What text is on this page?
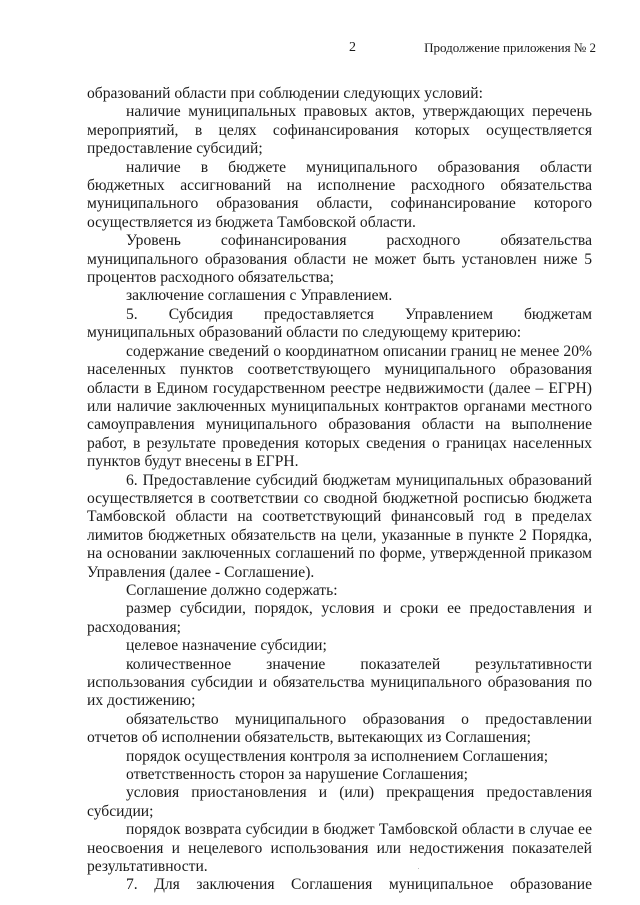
2	Продолжение приложения № 2

образований области при соблюдении следующих условий:

наличие муниципальных правовых актов, утверждающих перечень мероприятий, в целях софинансирования которых осуществляется предоставление субсидий;

наличие в бюджете муниципального образования области бюджетных ассигнований на исполнение расходного обязательства муниципального образования области, софинансирование которого осуществляется из бюджета Тамбовской области.

Уровень софинансирования расходного обязательства муниципального образования области не может быть установлен ниже 5 процентов расходного обязательства;

заключение соглашения с Управлением.

5. Субсидия предоставляется Управлением бюджетам муниципальных образований области по следующему критерию:

содержание сведений о координатном описании границ не менее 20% населенных пунктов соответствующего муниципального образования области в Едином государственном реестре недвижимости (далее – ЕГРН) или наличие заключенных муниципальных контрактов органами местного самоуправления муниципального образования области на выполнение работ, в результате проведения которых сведения о границах населенных пунктов будут внесены в ЕГРН.

6. Предоставление субсидий бюджетам муниципальных образований осуществляется в соответствии со сводной бюджетной росписью бюджета Тамбовской области на соответствующий финансовый год в пределах лимитов бюджетных обязательств на цели, указанные в пункте 2 Порядка, на основании заключенных соглашений по форме, утвержденной приказом Управления (далее - Соглашение).

Соглашение должно содержать:

размер субсидии, порядок, условия и сроки ее предоставления и расходования;

целевое назначение субсидии;

количественное значение показателей результативности использования субсидии и обязательства муниципального образования по их достижению;

обязательство муниципального образования о предоставлении отчетов об исполнении обязательств, вытекающих из Соглашения;

порядок осуществления контроля за исполнением Соглашения;

ответственность сторон за нарушение Соглашения;

условия приостановления и (или) прекращения предоставления субсидии;

порядок возврата субсидии в бюджет Тамбовской области в случае ее неосвоения и нецелевого использования или недостижения показателей результативности.

7. Для заключения Соглашения муниципальное образование
